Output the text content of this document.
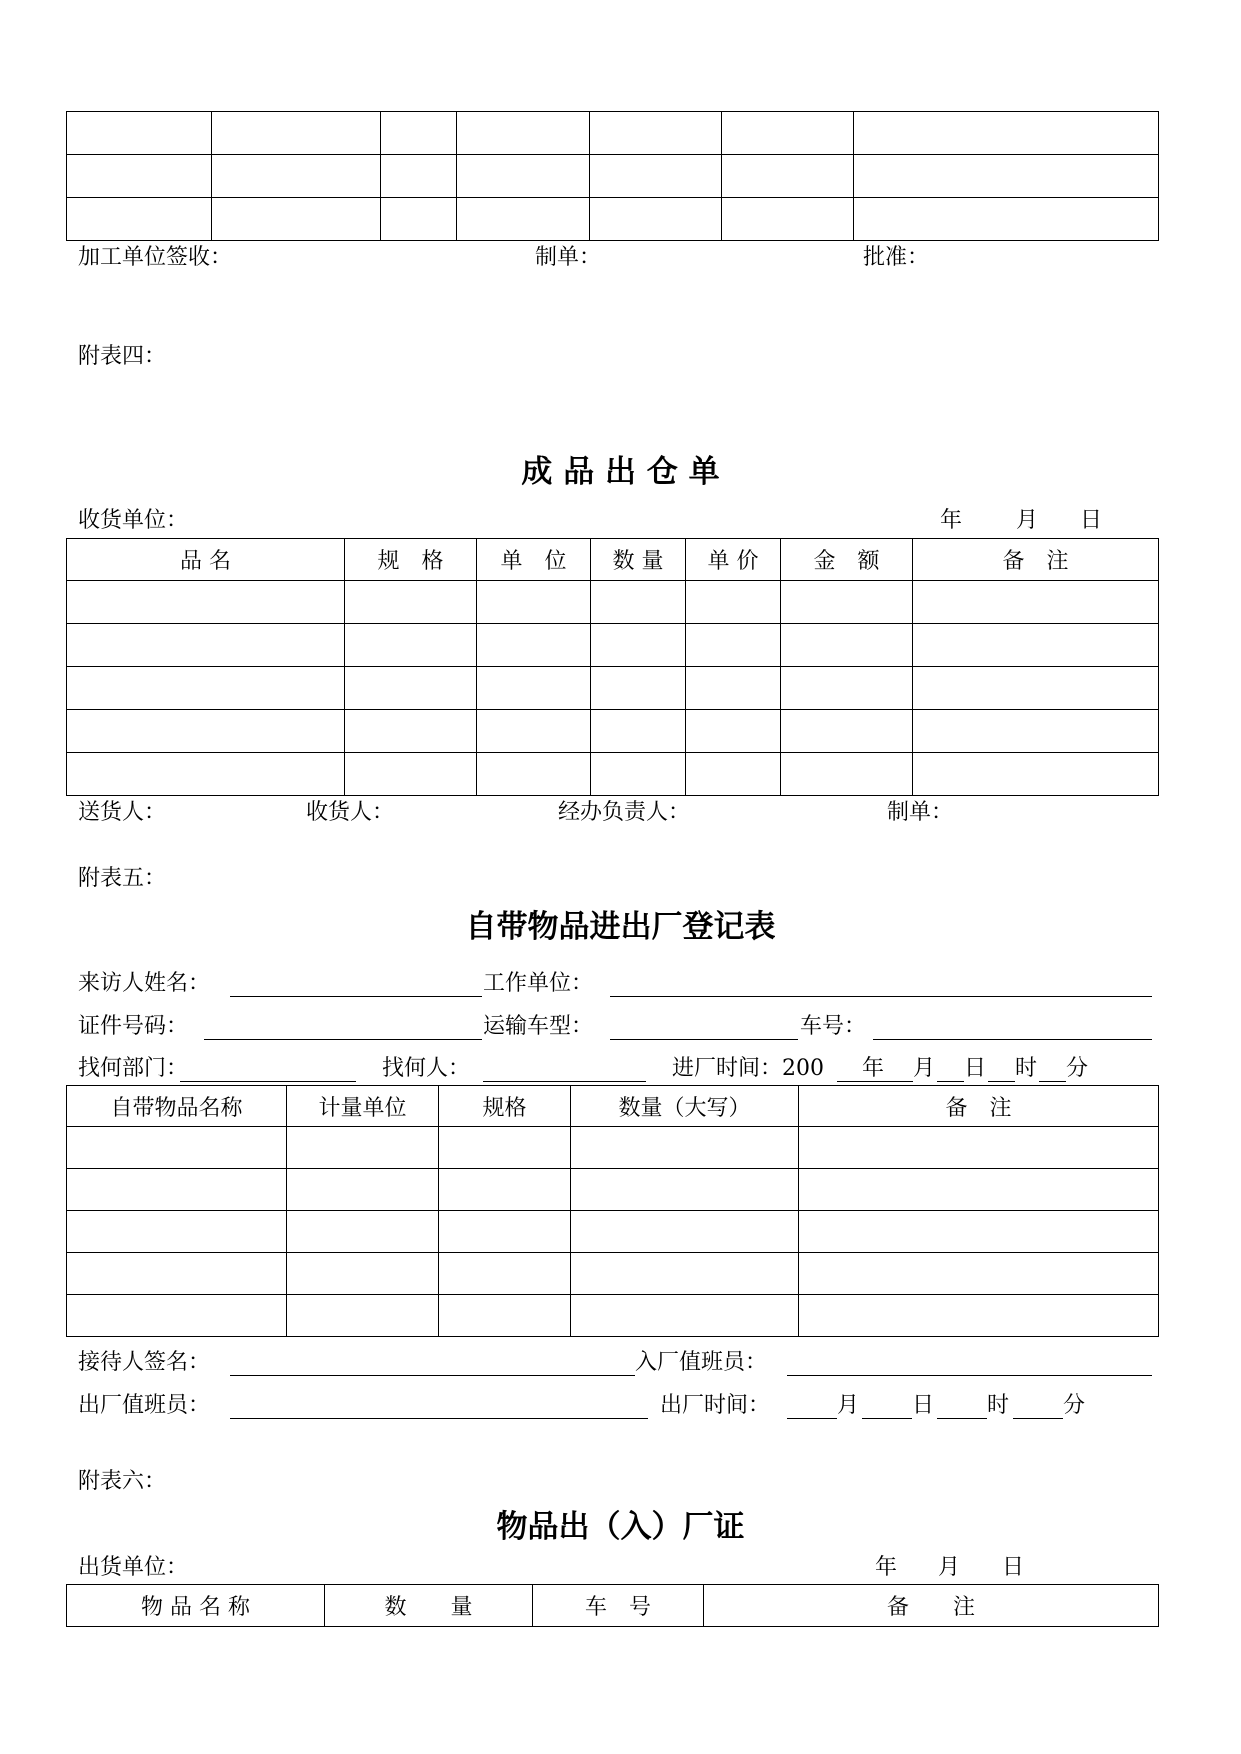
加工单位签收：	制单：	批准：
附表四：
成 品 出 仓 单
收货单位：	年 月 日
品 名	规　格	单　位	数 量	单 价	金　额	备　注

送货人：	收货人：	经办负责人：	制单：
附表五：
自带物品进出厂登记表
来访人姓名：	工作单位：
证件号码：	运输车型：	车号：
找何部门：	找何人：	进厂时间：200 年 月 日 时 分
自带物品名称	计量单位	规格	数量（大写）	备　注

接待人签名：	入厂值班员：
出厂值班员：	出厂时间：	月 日 时 分
附表六：
物品出（入）厂证
出货单位：	年 月 日
物 品 名 称	数　　量	车　号	备　　注
